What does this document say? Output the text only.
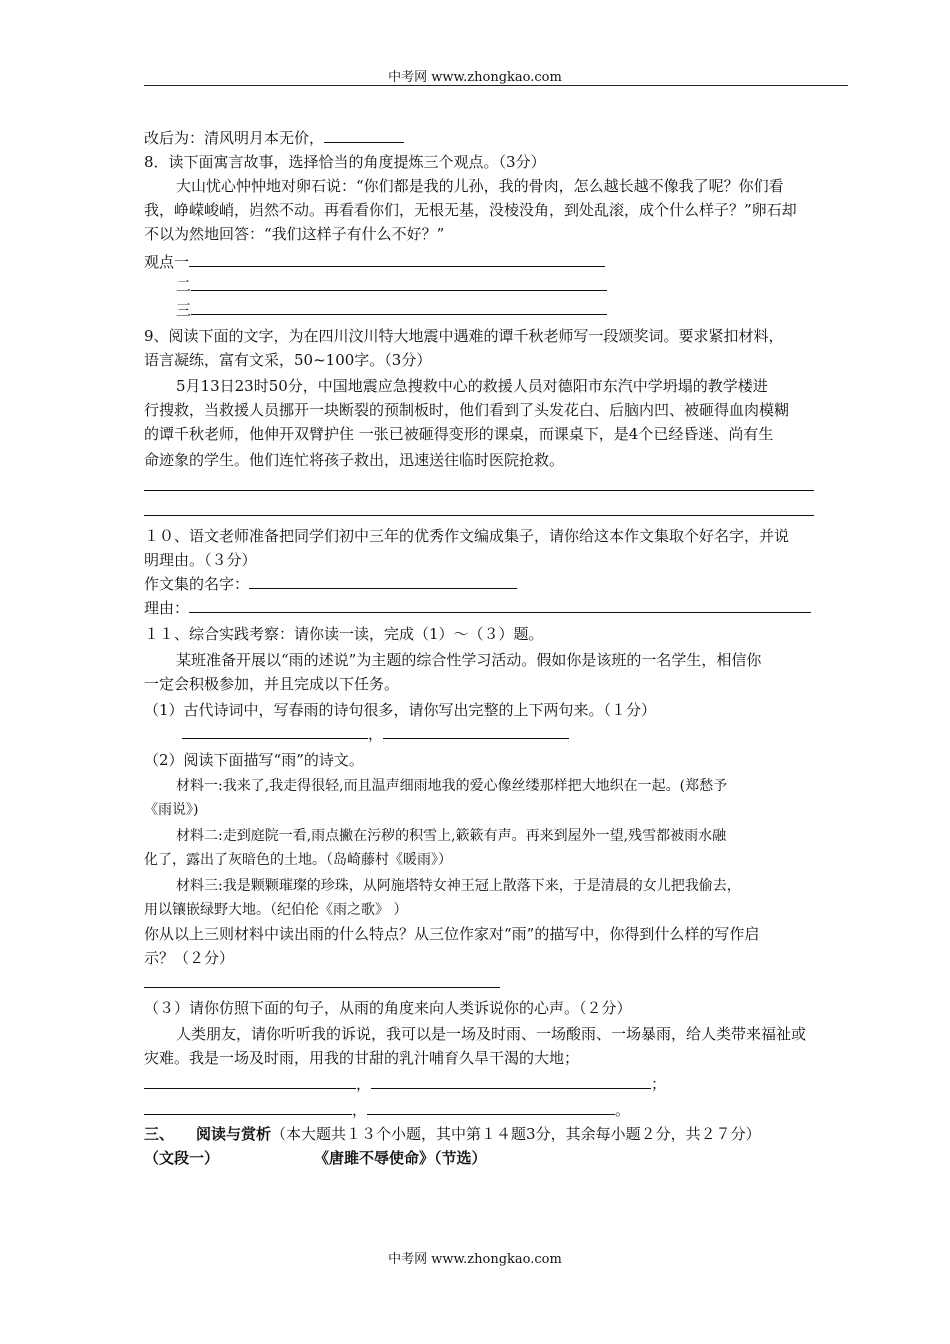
中考网 www.zhongkao.com
改后为：清风明月本无价，
8．读下面寓言故事，选择恰当的角度提炼三个观点。（3分）
大山忧心忡忡地对卵石说：“你们都是我的儿孙，我的骨肉，怎么越长越不像我了呢？你们看
我，峥嵘峻峭，岿然不动。再看看你们，无根无基，没棱没角，到处乱滚，成个什么样子？”卵石却
不以为然地回答：“我们这样子有什么不好？”
观点一
二
三
9、阅读下面的文字，为在四川汶川特大地震中遇难的谭千秋老师写一段颂奖词。要求紧扣材料，
语言凝练，富有文采，50~100字。（3分）
5月13日23时50分，中国地震应急搜救中心的救援人员对德阳市东汽中学坍塌的教学楼进
行搜救，当救援人员挪开一块断裂的预制板时，他们看到了头发花白、后脑内凹、被砸得血肉模糊
的谭千秋老师，他伸开双臂护住 一张已被砸得变形的课桌，而课桌下，是4个已经昏迷、尚有生
命迹象的学生。他们连忙将孩子救出，迅速送往临时医院抢救。
１０、语文老师准备把同学们初中三年的优秀作文编成集子，请你给这本作文集取个好名字，并说
明理由。（３分）
作文集的名字：
理由：
１１、综合实践考察：请你读一读，完成（1）～（３）题。
某班准备开展以“雨的述说”为主题的综合性学习活动。假如你是该班的一名学生，相信你
一定会积极参加，并且完成以下任务。
（1）古代诗词中，写春雨的诗句很多，请你写出完整的上下两句来。（１分）
，
（2）阅读下面描写“雨”的诗文。
材料一:我来了,我走得很轻,而且温声细雨地我的爱心像丝缕那样把大地织在一起。(郑愁予
《雨说》)
材料二:走到庭院一看,雨点撇在污秽的积雪上,簌簌有声。再来到屋外一望,残雪都被雨水融
化了，露出了灰暗色的土地。（岛崎藤村《暖雨》）
材料三:我是颗颗璀璨的珍珠，从阿施塔特女神王冠上散落下来，于是清晨的女儿把我偷去，
用以镶嵌绿野大地。（纪伯伦《雨之歌》 ）
你从以上三则材料中读出雨的什么特点？从三位作家对“雨”的描写中，你得到什么样的写作启
示？（２分）
（３）请你仿照下面的句子，从雨的角度来向人类诉说你的心声。（２分）
人类朋友，请你听听我的诉说，我可以是一场及时雨、一场酸雨、一场暴雨，给人类带来福祉或
灾难。我是一场及时雨，用我的甘甜的乳汁哺育久旱干渴的大地；
，	；
，	。
三、 阅读与赏析（本大题共１３个小题，其中第１４题3分，其余每小题２分，共２７分）
（文段一）	《唐雎不辱使命》（节选）
中考网 www.zhongkao.com
